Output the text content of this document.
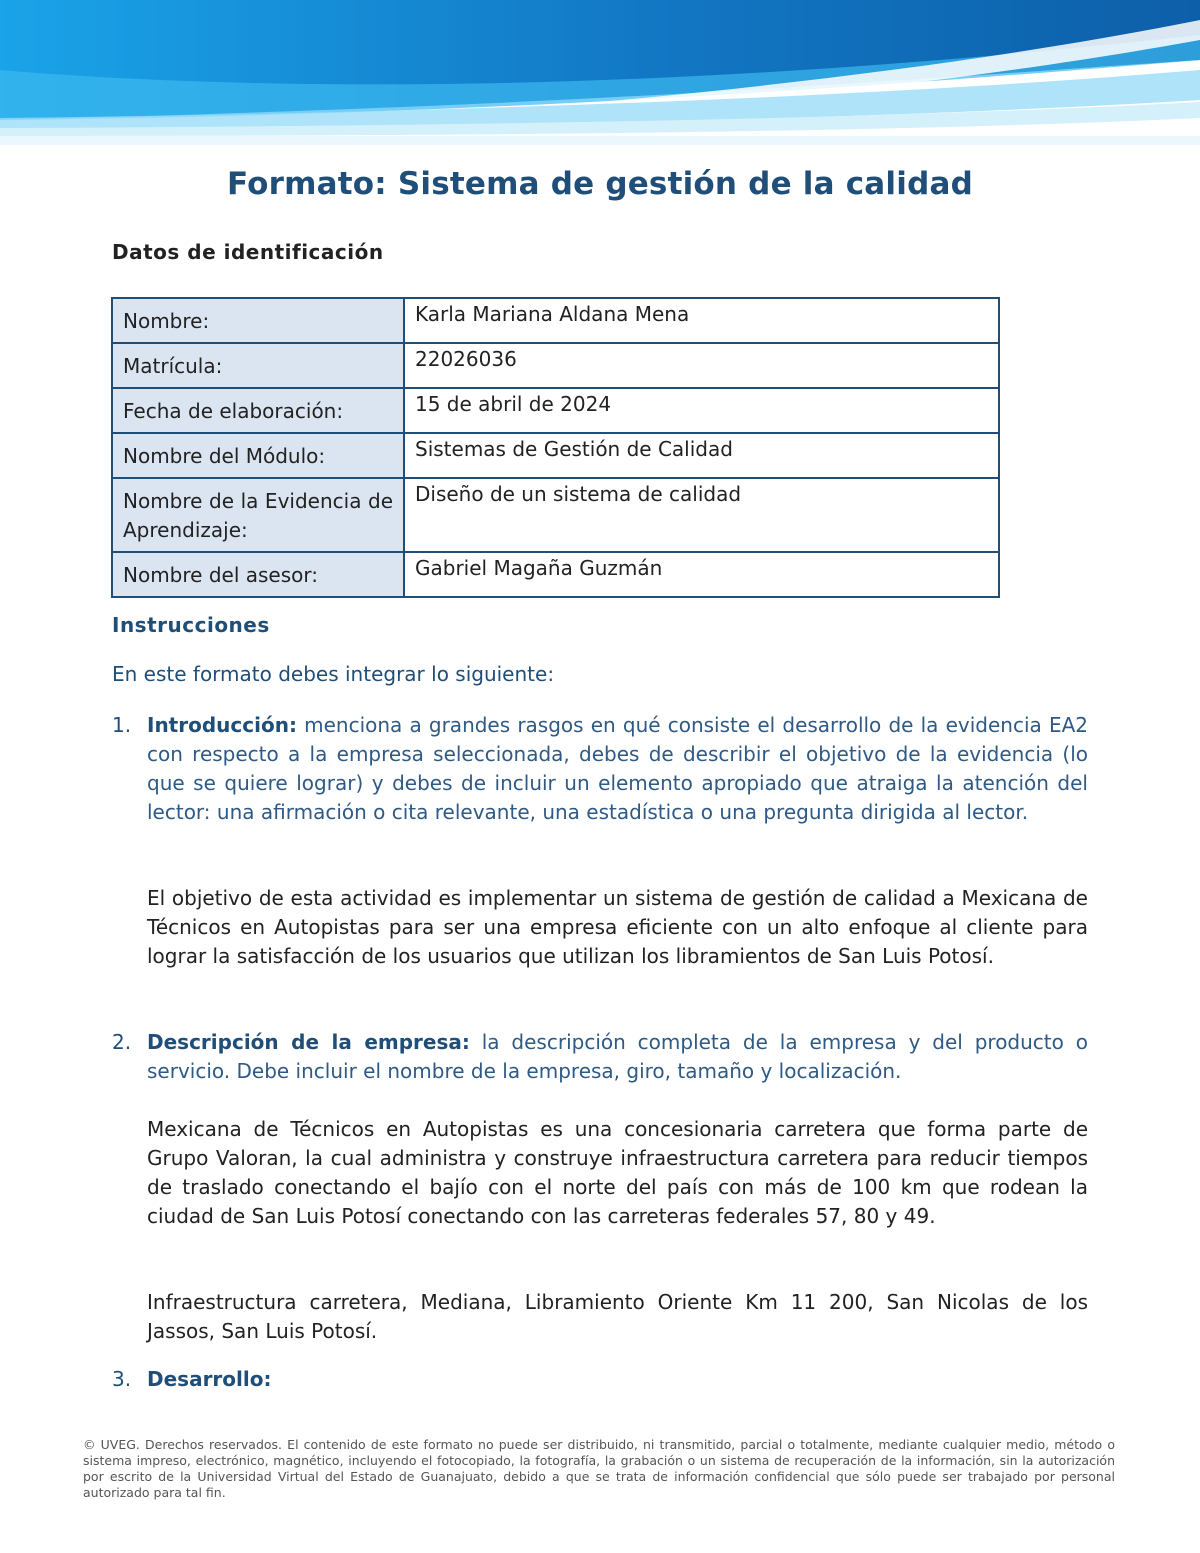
Formato: Sistema de gestión de la calidad
Datos de identificación
Nombre:	Karla Mariana Aldana Mena
Matrícula:	22026036
Fecha de elaboración:	15 de abril de 2024
Nombre del Módulo:	Sistemas de Gestión de Calidad
Nombre de la Evidencia de Aprendizaje:	Diseño de un sistema de calidad
Nombre del asesor:	Gabriel Magaña Guzmán
Instrucciones

En este formato debes integrar lo siguiente:

1. Introducción: menciona a grandes rasgos en qué consiste el desarrollo de la evidencia EA2 con respecto a la empresa seleccionada, debes de describir el objetivo de la evidencia (lo que se quiere lograr) y debes de incluir un elemento apropiado que atraiga la atención del lector: una afirmación o cita relevante, una estadística o una pregunta dirigida al lector.

El objetivo de esta actividad es implementar un sistema de gestión de calidad a Mexicana de Técnicos en Autopistas para ser una empresa eficiente con un alto enfoque al cliente para lograr la satisfacción de los usuarios que utilizan los libramientos de San Luis Potosí.

2. Descripción de la empresa: la descripción completa de la empresa y del producto o servicio. Debe incluir el nombre de la empresa, giro, tamaño y localización.

Mexicana de Técnicos en Autopistas es una concesionaria carretera que forma parte de Grupo Valoran, la cual administra y construye infraestructura carretera para reducir tiempos de traslado conectando el bajío con el norte del país con más de 100 km que rodean la ciudad de San Luis Potosí conectando con las carreteras federales 57, 80 y 49.

Infraestructura carretera, Mediana, Libramiento Oriente Km 11 200, San Nicolas de los Jassos, San Luis Potosí.

3. Desarrollo:

© UVEG. Derechos reservados. El contenido de este formato no puede ser distribuido, ni transmitido, parcial o totalmente, mediante cualquier medio, método o sistema impreso, electrónico, magnético, incluyendo el fotocopiado, la fotografía, la grabación o un sistema de recuperación de la información, sin la autorización por escrito de la Universidad Virtual del Estado de Guanajuato, debido a que se trata de información confidencial que sólo puede ser trabajado por personal autorizado para tal fin.
